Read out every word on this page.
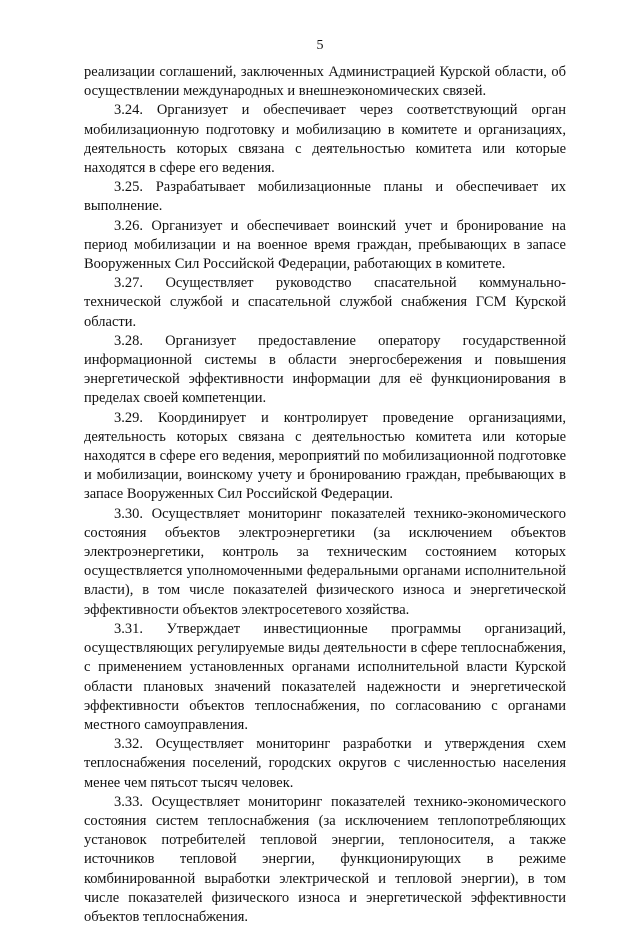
5

реализации соглашений, заключенных Администрацией Курской области, об осуществлении международных и внешнеэкономических связей.

3.24. Организует и обеспечивает через соответствующий орган мобилизационную подготовку и мобилизацию в комитете и организациях, деятельность которых связана с деятельностью комитета или которые находятся в сфере его ведения.

3.25. Разрабатывает мобилизационные планы и обеспечивает их выполнение.

3.26. Организует и обеспечивает воинский учет и бронирование на период мобилизации и на военное время граждан, пребывающих в запасе Вооруженных Сил Российской Федерации, работающих в комитете.

3.27. Осуществляет руководство спасательной коммунально-технической службой и спасательной службой снабжения ГСМ Курской области.

3.28. Организует предоставление оператору государственной информационной системы в области энергосбережения и повышения энергетической эффективности информации для её функционирования в пределах своей компетенции.

3.29. Координирует и контролирует проведение организациями, деятельность которых связана с деятельностью комитета или которые находятся в сфере его ведения, мероприятий по мобилизационной подготовке и мобилизации, воинскому учету и бронированию граждан, пребывающих в запасе Вооруженных Сил Российской Федерации.

3.30. Осуществляет мониторинг показателей технико-экономического состояния объектов электроэнергетики (за исключением объектов электроэнергетики, контроль за техническим состоянием которых осуществляется уполномоченными федеральными органами исполнительной власти), в том числе показателей физического износа и энергетической эффективности объектов электросетевого хозяйства.

3.31. Утверждает инвестиционные программы организаций, осуществляющих регулируемые виды деятельности в сфере теплоснабжения, с применением установленных органами исполнительной власти Курской области плановых значений показателей надежности и энергетической эффективности объектов теплоснабжения, по согласованию с органами местного самоуправления.

3.32. Осуществляет мониторинг разработки и утверждения схем теплоснабжения поселений, городских округов с численностью населения менее чем пятьсот тысяч человек.

3.33. Осуществляет мониторинг показателей технико-экономического состояния систем теплоснабжения (за исключением теплопотребляющих установок потребителей тепловой энергии, теплоносителя, а также источников тепловой энергии, функционирующих в режиме комбинированной выработки электрической и тепловой энергии), в том числе показателей физического износа и энергетической эффективности объектов теплоснабжения.
